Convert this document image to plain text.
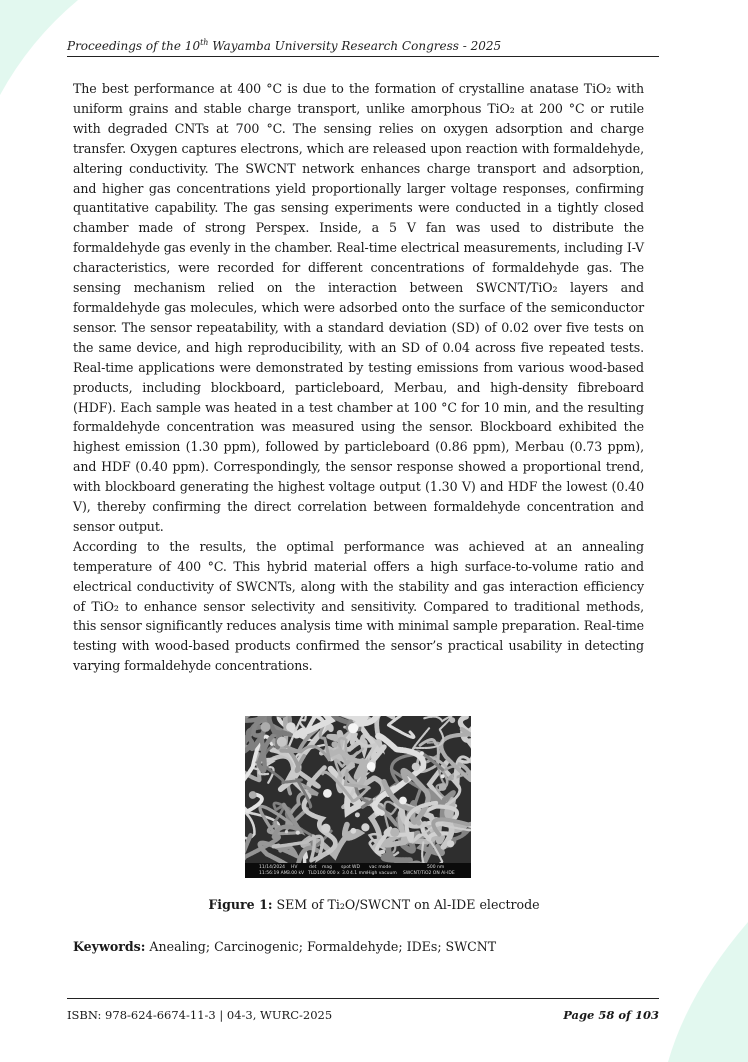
Proceedings of the 10th Wayamba University Research Congress - 2025

The best performance at 400 °C is due to the formation of crystalline anatase TiO₂ with uniform grains and stable charge transport, unlike amorphous TiO₂ at 200 °C or rutile with degraded CNTs at 700 °C. The sensing relies on oxygen adsorption and charge transfer. Oxygen captures electrons, which are released upon reaction with formaldehyde, altering conductivity. The SWCNT network enhances charge transport and adsorption, and higher gas concentrations yield proportionally larger voltage responses, confirming quantitative capability. The gas sensing experiments were conducted in a tightly closed chamber made of strong Perspex. Inside, a 5 V fan was used to distribute the formaldehyde gas evenly in the chamber. Real-time electrical measurements, including I-V characteristics, were recorded for different concentrations of formaldehyde gas. The sensing mechanism relied on the interaction between SWCNT/TiO₂ layers and formaldehyde gas molecules, which were adsorbed onto the surface of the semiconductor sensor. The sensor repeatability, with a standard deviation (SD) of 0.02 over five tests on the same device, and high reproducibility, with an SD of 0.04 across five repeated tests. Real-time applications were demonstrated by testing emissions from various wood-based products, including blockboard, particleboard, Merbau, and high-density fibreboard (HDF). Each sample was heated in a test chamber at 100 °C for 10 min, and the resulting formaldehyde concentration was measured using the sensor. Blockboard exhibited the highest emission (1.30 ppm), followed by particleboard (0.86 ppm), Merbau (0.73 ppm), and HDF (0.40 ppm). Correspondingly, the sensor response showed a proportional trend, with blockboard generating the highest voltage output (1.30 V) and HDF the lowest (0.40 V), thereby confirming the direct correlation between formaldehyde concentration and sensor output.

According to the results, the optimal performance was achieved at an annealing temperature of 400 °C. This hybrid material offers a high surface-to-volume ratio and electrical conductivity of SWCNTs, along with the stability and gas interaction efficiency of TiO₂ to enhance sensor selectivity and sensitivity. Compared to traditional methods, this sensor significantly reduces analysis time with minimal sample preparation. Real-time testing with wood-based products confirmed the sensor’s practical usability in detecting varying formaldehyde concentrations.

11/14/2024
11:56:19 AM
HV
3.00 kV
det
TLD
mag
100 000 x
spot
3.0
WD
4.1 mm
vac mode
High vacuum
500 nm
SWCNT/TiO2 ON Al-IDE
Figure 1: SEM of Ti₂O/SWCNT on Al-IDE electrode
Keywords: Anealing; Carcinogenic; Formaldehyde; IDEs; SWCNT
ISBN: 978-624-6674-11-3 | 04-3, WURC-2025	Page 58 of 103
